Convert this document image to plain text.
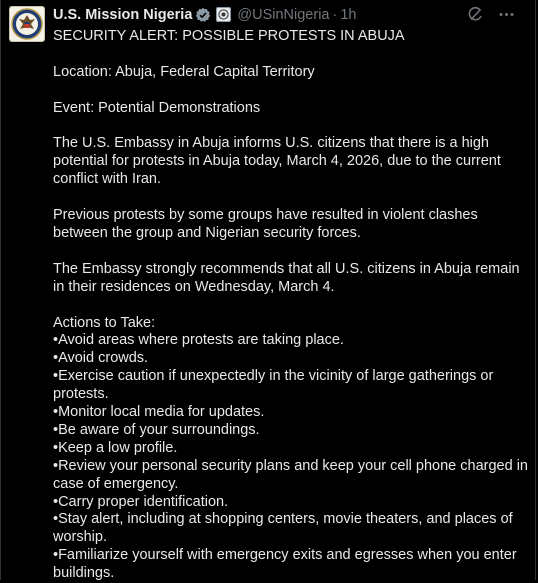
U.S. Mission Nigeria	@USinNigeria · 1h
SECURITY ALERT: POSSIBLE PROTESTS IN ABUJA

Location: Abuja, Federal Capital Territory

Event: Potential Demonstrations

The U.S. Embassy in Abuja informs U.S. citizens that there is a high potential for protests in Abuja today, March 4, 2026, due to the current conflict with Iran.

Previous protests by some groups have resulted in violent clashes between the group and Nigerian security forces.

The Embassy strongly recommends that all U.S. citizens in Abuja remain in their residences on Wednesday, March 4.

Actions to Take:
•Avoid areas where protests are taking place.
•Avoid crowds.
•Exercise caution if unexpectedly in the vicinity of large gatherings or protests.
•Monitor local media for updates.
•Be aware of your surroundings.
•Keep a low profile.
•Review your personal security plans and keep your cell phone charged in case of emergency.
•Carry proper identification.
•Stay alert, including at shopping centers, movie theaters, and places of worship.
•Familiarize yourself with emergency exits and egresses when you enter buildings.
